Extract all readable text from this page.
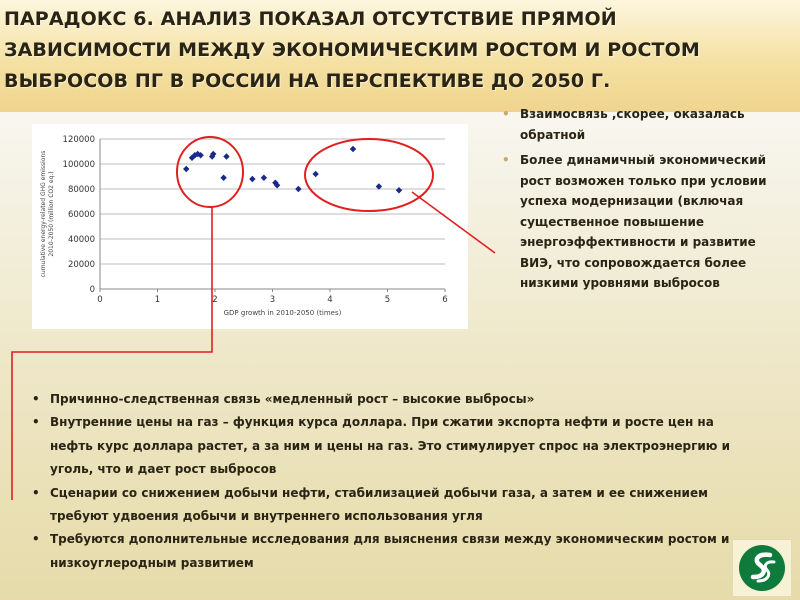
ПАРАДОКС 6. АНАЛИЗ ПОКАЗАЛ ОТСУТСТВИЕ ПРЯМОЙ ЗАВИСИМОСТИ МЕЖДУ ЭКОНОМИЧЕСКИМ РОСТОМ И РОСТОМ ВЫБРОСОВ ПГ В РОССИИ НА ПЕРСПЕКТИВЕ ДО 2050 Г.
0
20000
40000
60000
80000
100000
120000
0	1	2	3	4	5	6
GDP growth in 2010-2050 (times)
cumulative energy-related GHG emissions2010-2050 (million CO2 eq.)
• Взаимосвязь ,скорее, оказалась обратной
• Более динамичный экономический рост возможен только при условии успеха модернизации (включая существенное повышение энергоэффективности и развитие ВИЭ, что сопровождается более низкими уровнями выбросов
• Причинно-следственная связь «медленный рост – высокие выбросы»
• Внутренние цены на газ – функция курса доллара. При сжатии экспорта нефти и росте цен на нефть курс доллара растет, а за ним и цены на газ. Это стимулирует спрос на электроэнергию и уголь, что и дает рост выбросов
• Сценарии со снижением добычи нефти, стабилизацией добычи газа, а затем и ее снижением требуют удвоения добычи и внутреннего использования угля
• Требуются дополнительные исследования для выяснения связи между экономическим ростом и низкоуглеродным развитием
